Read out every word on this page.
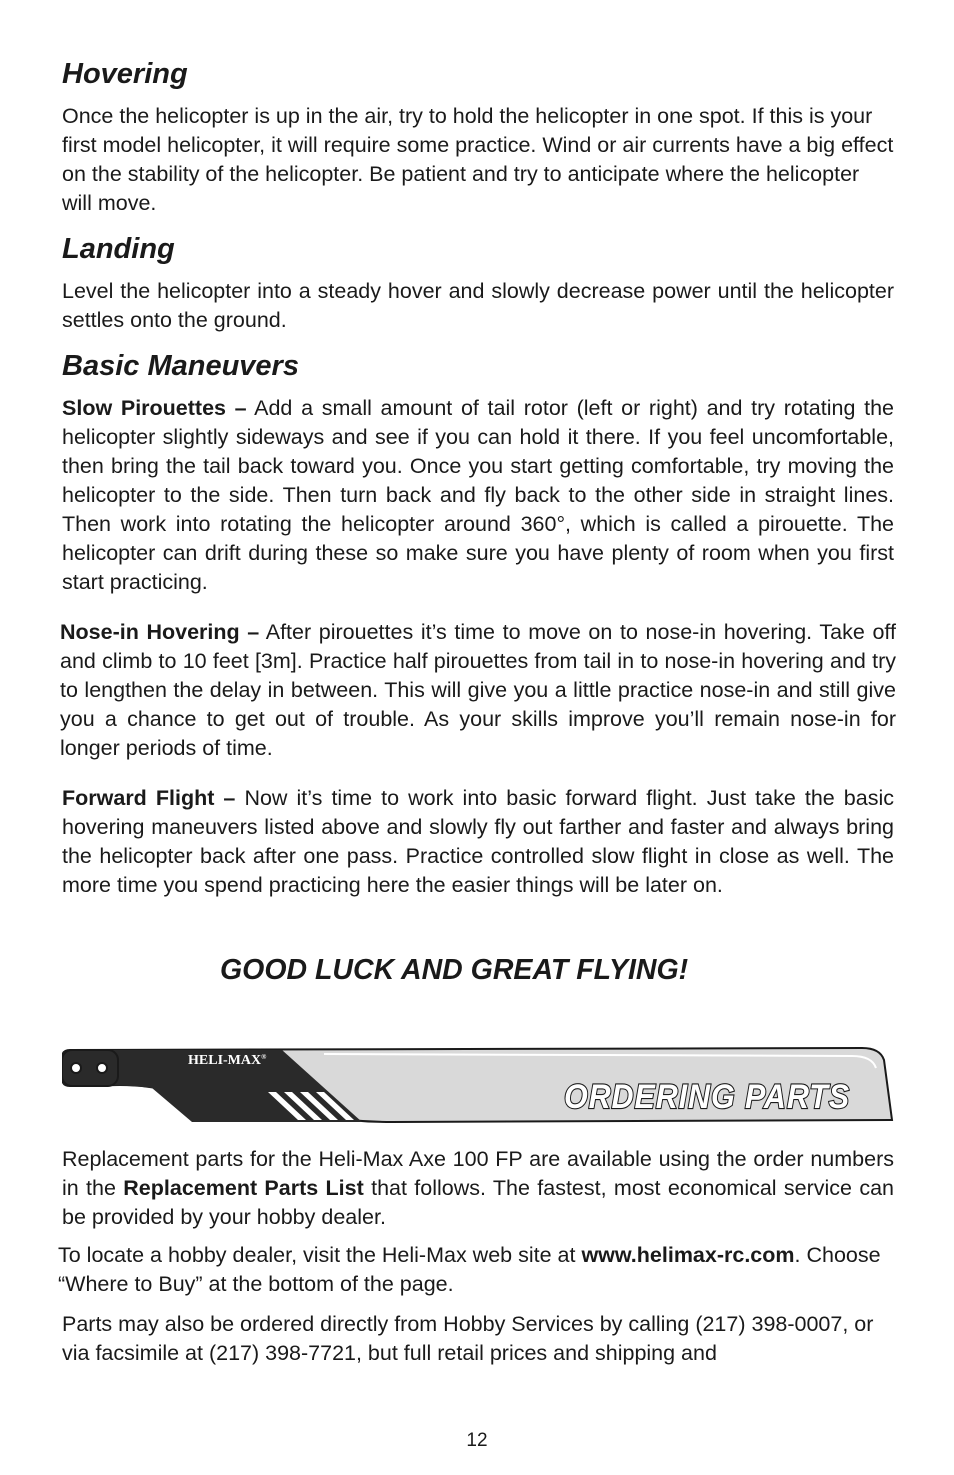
Hovering

Once the helicopter is up in the air, try to hold the helicopter in one spot. If this is your first model helicopter, it will require some practice. Wind or air currents have a big effect on the stability of the helicopter. Be patient and try to anticipate where the helicopter will move.

Landing

Level the helicopter into a steady hover and slowly decrease power until the helicopter settles onto the ground.

Basic Maneuvers

Slow Pirouettes – Add a small amount of tail rotor (left or right) and try rotating the helicopter slightly sideways and see if you can hold it there. If you feel uncomfortable, then bring the tail back toward you. Once you start getting comfortable, try moving the helicopter to the side. Then turn back and fly back to the other side in straight lines. Then work into rotating the helicopter around 360°, which is called a pirouette. The helicopter can drift during these so make sure you have plenty of room when you first start practicing.

Nose-in Hovering – After pirouettes it’s time to move on to nose-in hovering. Take off and climb to 10 feet [3m]. Practice half pirouettes from tail in to nose-in hovering and try to lengthen the delay in between. This will give you a little practice nose-in and still give you a chance to get out of trouble. As your skills improve you’ll remain nose-in for longer periods of time.

Forward Flight – Now it’s time to work into basic forward flight. Just take the basic hovering maneuvers listed above and slowly fly out farther and faster and always bring the helicopter back after one pass. Practice controlled slow flight in close as well. The more time you spend practicing here the easier things will be later on.

GOOD LUCK AND GREAT FLYING!
HELI-MAX®
ORDERING PARTS

Replacement parts for the Heli-Max Axe 100 FP are available using the order numbers in the Replacement Parts List that follows. The fastest, most economical service can be provided by your hobby dealer.

To locate a hobby dealer, visit the Heli-Max web site at www.helimax-rc.com. Choose “Where to Buy” at the bottom of the page.

Parts may also be ordered directly from Hobby Services by calling (217) 398-0007, or via facsimile at (217) 398-7721, but full retail prices and shipping and

12
